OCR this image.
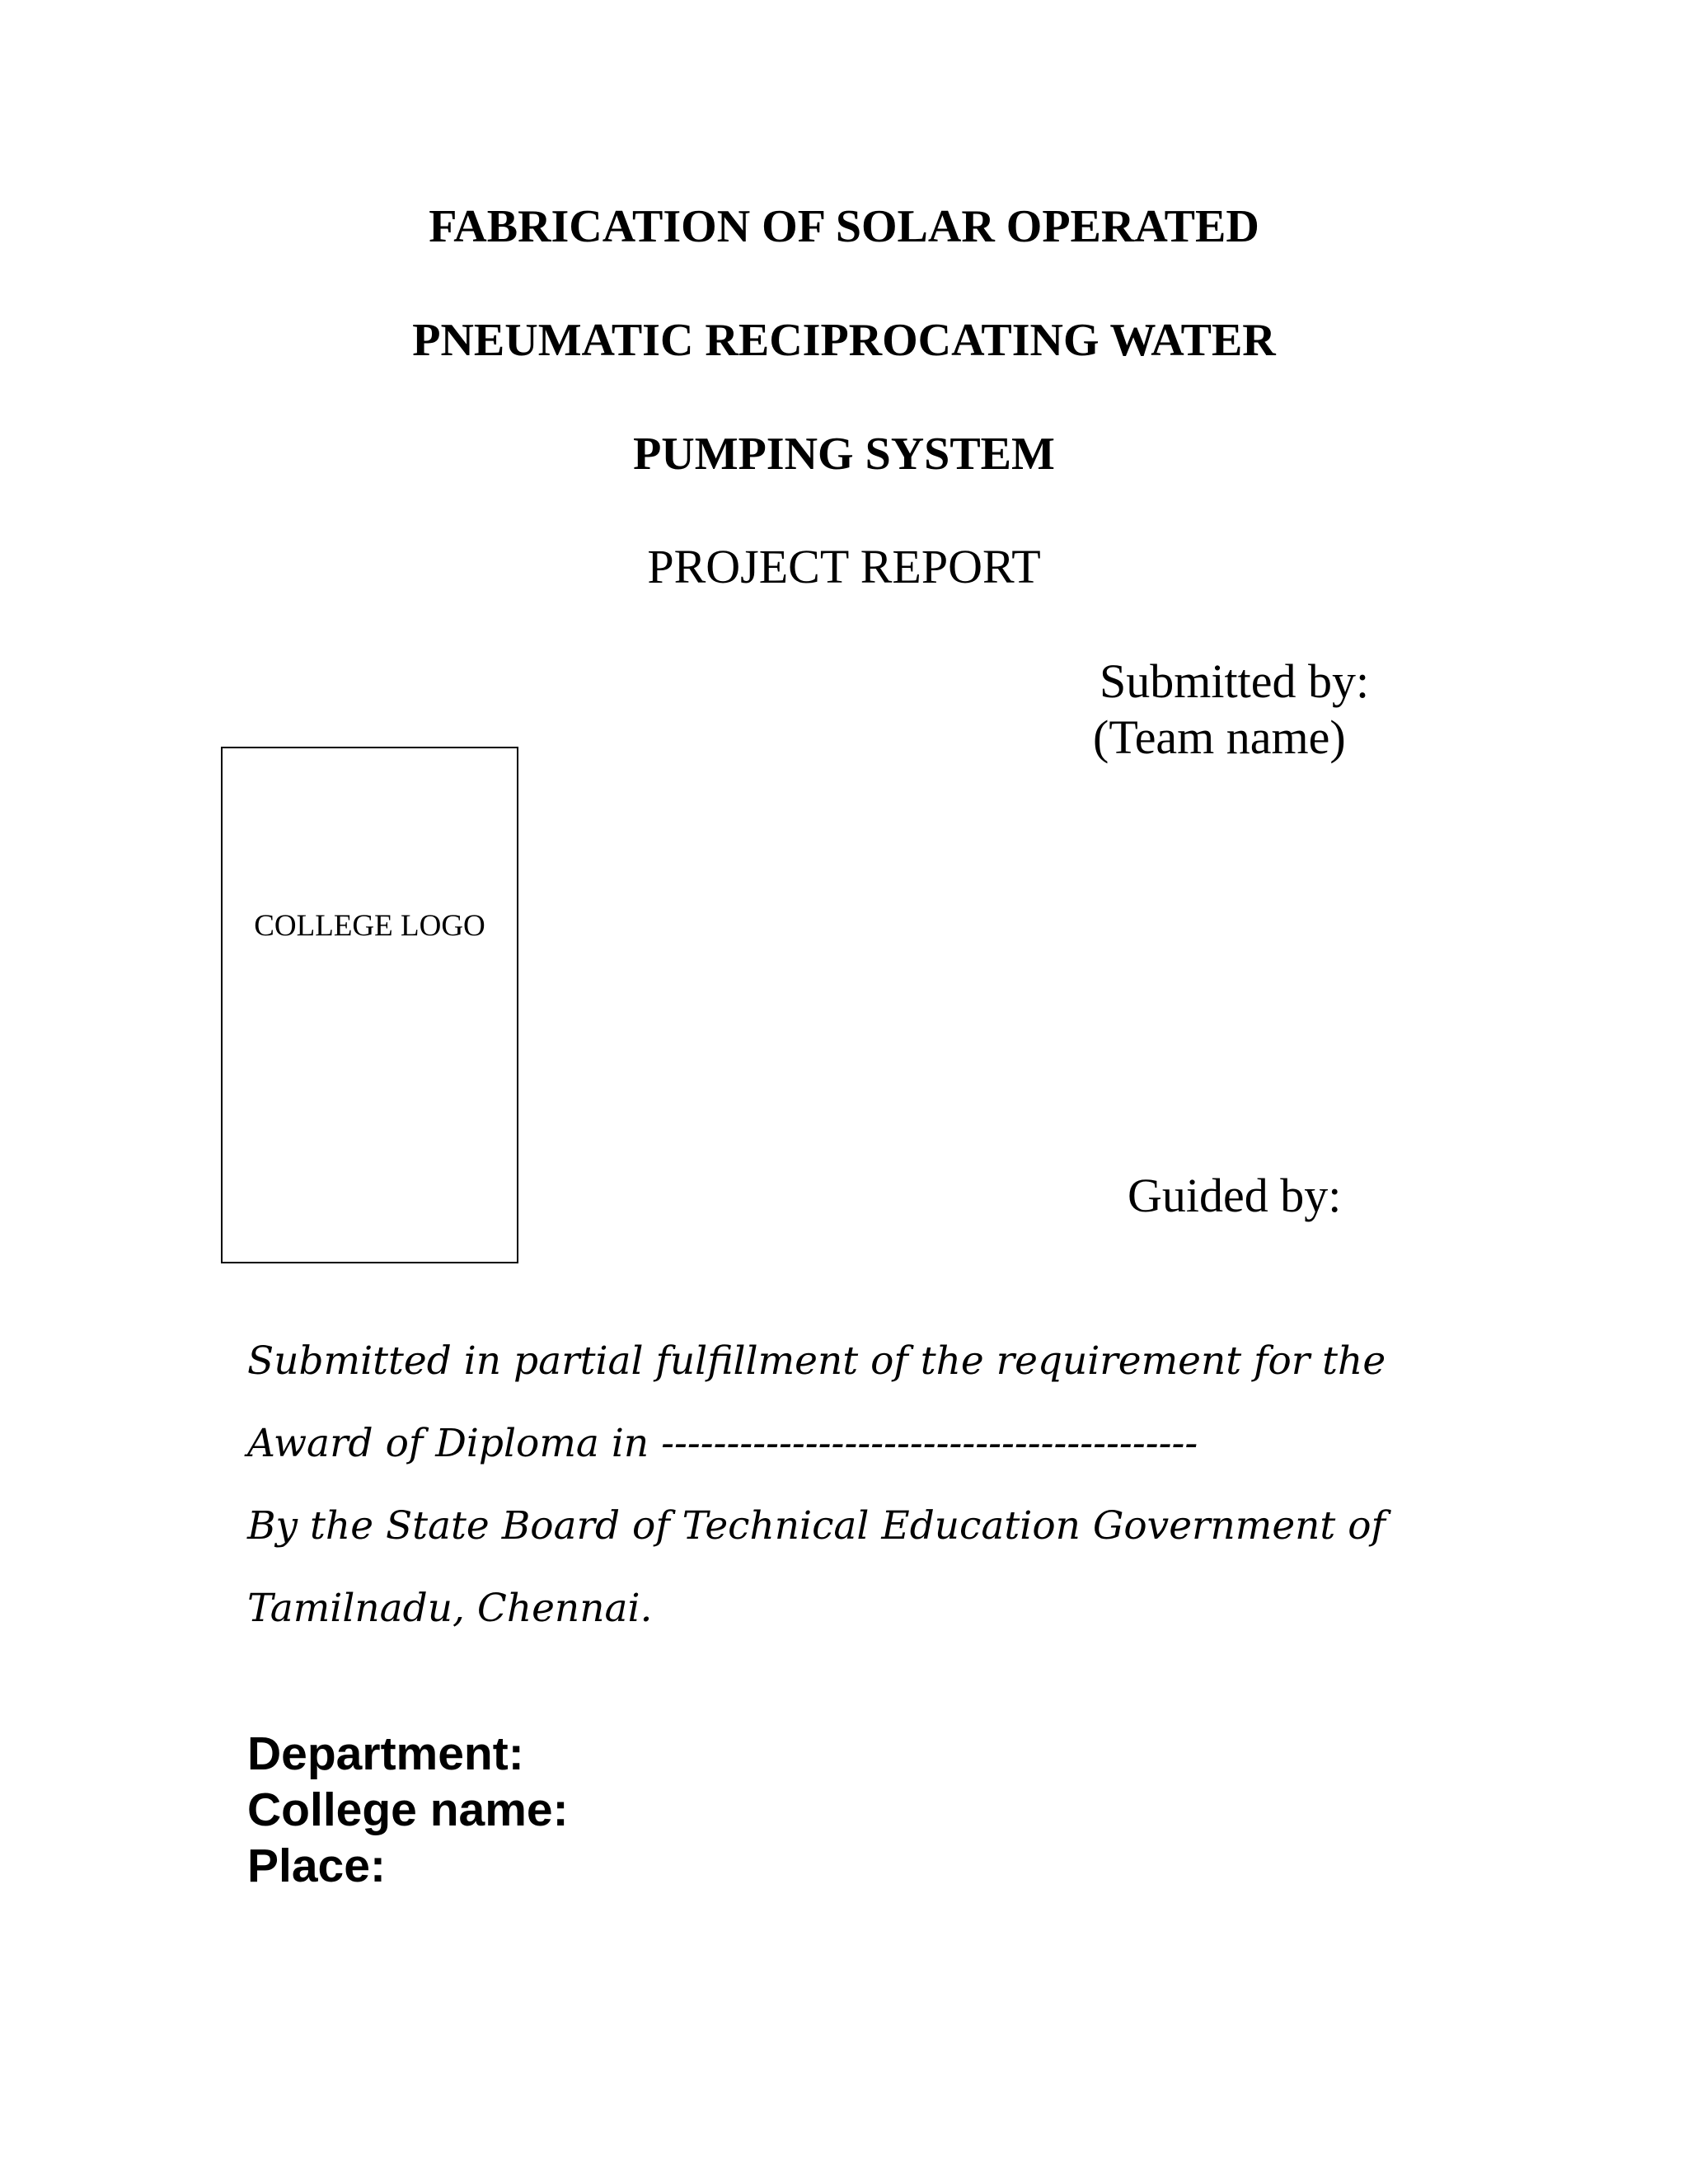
FABRICATION OF SOLAR OPERATED
PNEUMATIC RECIPROCATING WATER
PUMPING SYSTEM
PROJECT REPORT
Submitted by:
(Team name)
COLLEGE LOGO
Guided by:
Submitted in partial fulfillment of the requirement for the
Award of Diploma in -----------------------------------------
By the State Board of Technical Education Government of
Tamilnadu, Chennai.
Department:
College name:
Place:
